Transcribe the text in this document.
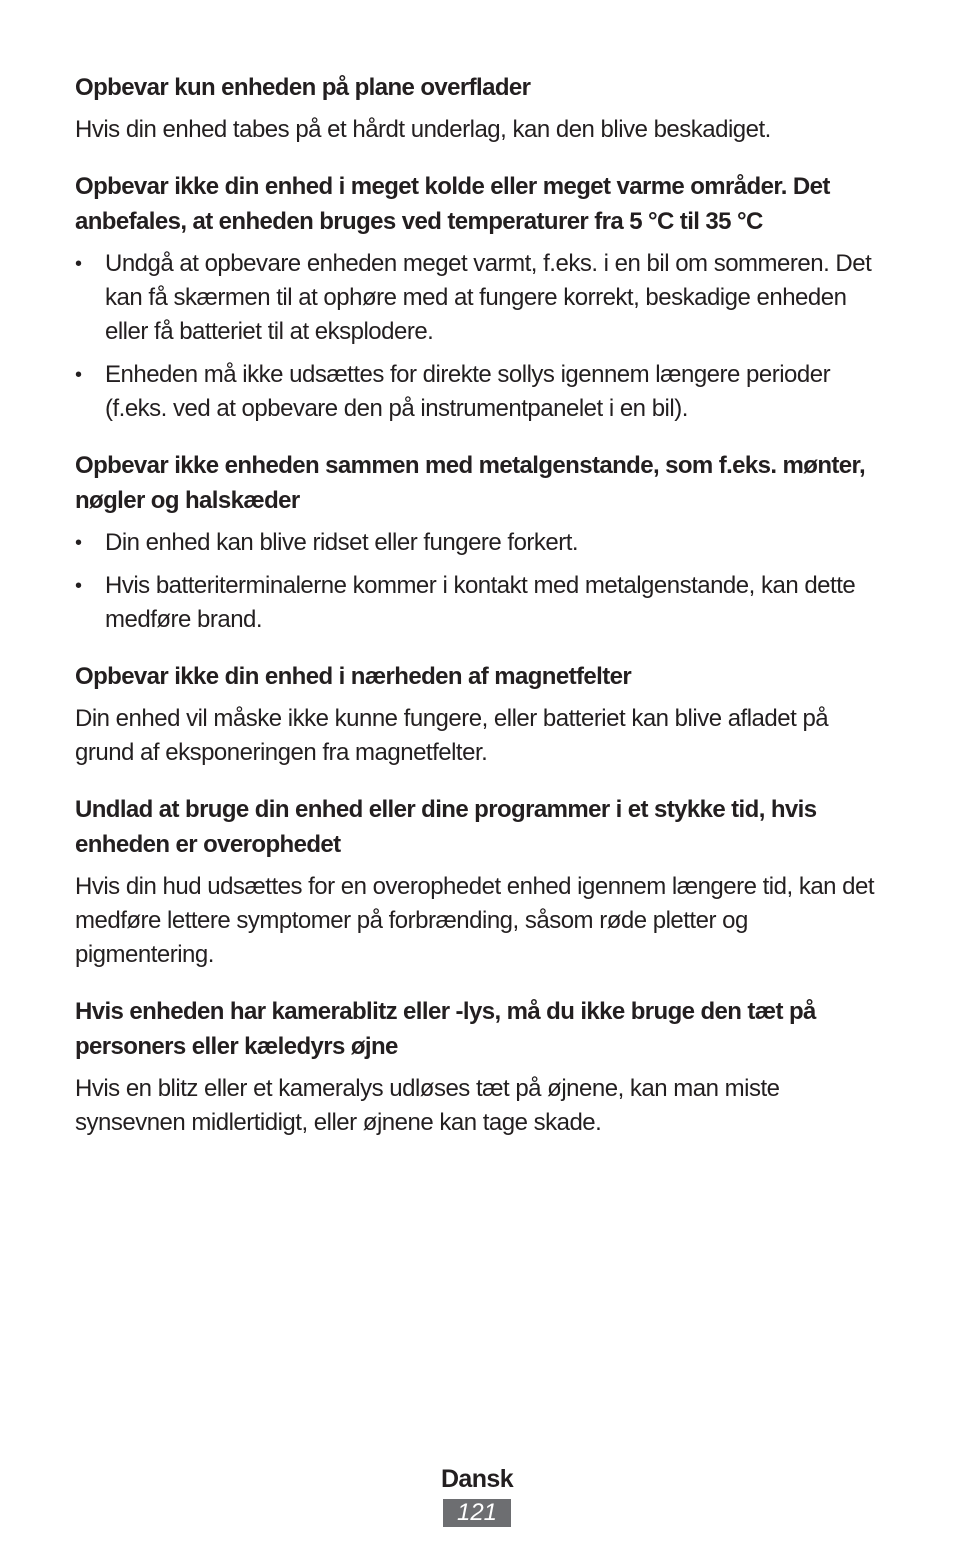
Opbevar kun enheden på plane overflader

Hvis din enhed tabes på et hårdt underlag, kan den blive beskadiget.

Opbevar ikke din enhed i meget kolde eller meget varme områder. Det anbefales, at enheden bruges ved temperaturer fra 5 °C til 35 °C

• Undgå at opbevare enheden meget varmt, f.eks. i en bil om sommeren. Det kan få skærmen til at ophøre med at fungere korrekt, beskadige enheden eller få batteriet til at eksplodere.
• Enheden må ikke udsættes for direkte sollys igennem længere perioder (f.eks. ved at opbevare den på instrumentpanelet i en bil).

Opbevar ikke enheden sammen med metalgenstande, som f.eks. mønter, nøgler og halskæder

• Din enhed kan blive ridset eller fungere forkert.
• Hvis batteriterminalerne kommer i kontakt med metalgenstande, kan dette medføre brand.

Opbevar ikke din enhed i nærheden af magnetfelter

Din enhed vil måske ikke kunne fungere, eller batteriet kan blive afladet på grund af eksponeringen fra magnetfelter.

Undlad at bruge din enhed eller dine programmer i et stykke tid, hvis enheden er overophedet

Hvis din hud udsættes for en overophedet enhed igennem længere tid, kan det medføre lettere symptomer på forbrænding, såsom røde pletter og pigmentering.

Hvis enheden har kamerablitz eller -lys, må du ikke bruge den tæt på personers eller kæledyrs øjne

Hvis en blitz eller et kameralys udløses tæt på øjnene, kan man miste synsevnen midlertidigt, eller øjnene kan tage skade.

Dansk
121
